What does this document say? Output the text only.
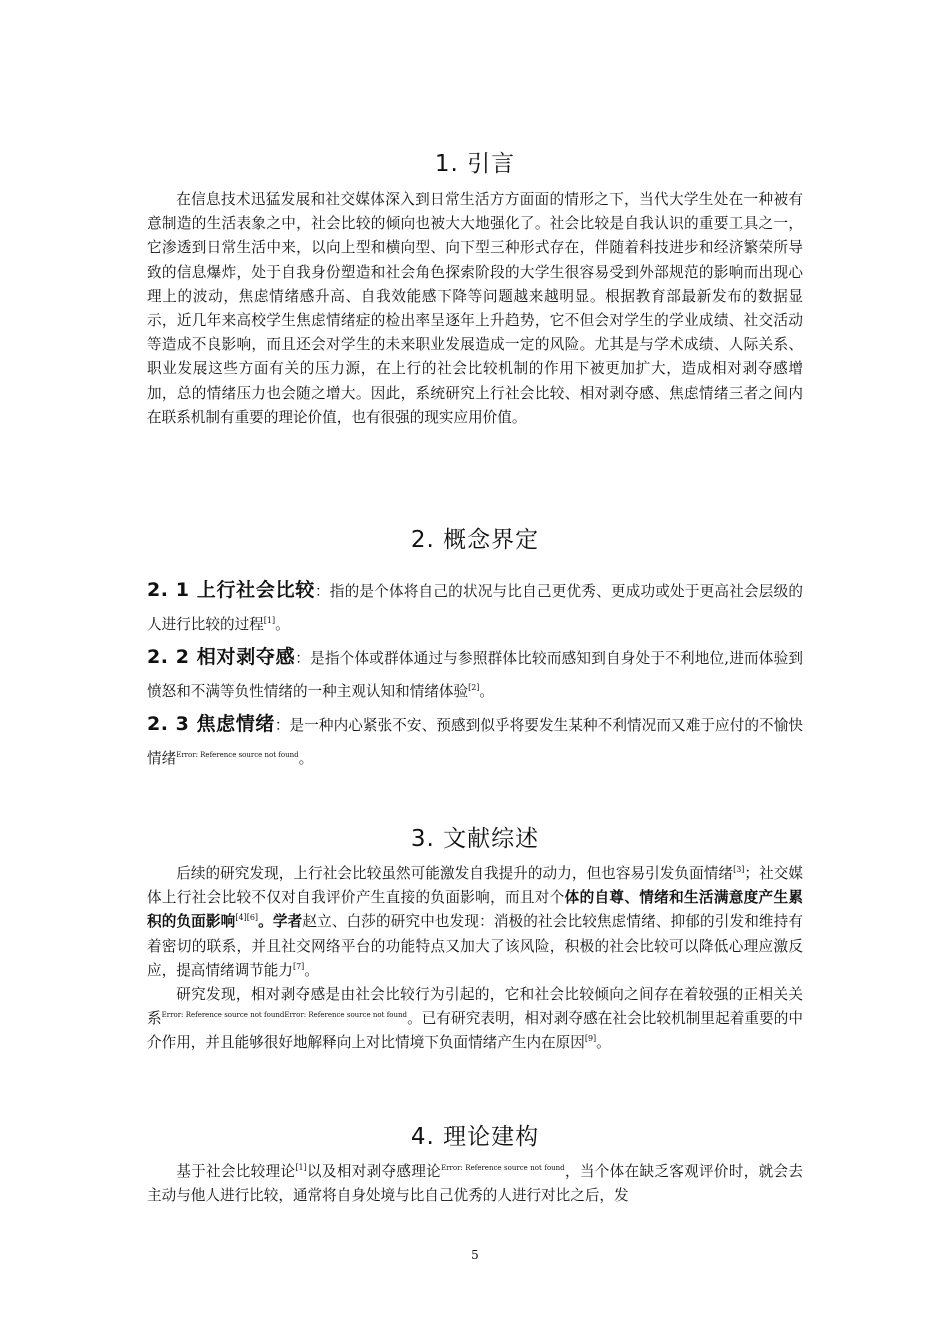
1. 引言

在信息技术迅猛发展和社交媒体深入到日常生活方方面面的情形之下，当代大学生处在一种被有意制造的生活表象之中，社会比较的倾向也被大大地强化了。社会比较是自我认识的重要工具之一，它渗透到日常生活中来，以向上型和横向型、向下型三种形式存在，伴随着科技进步和经济繁荣所导致的信息爆炸，处于自我身份塑造和社会角色探索阶段的大学生很容易受到外部规范的影响而出现心理上的波动，焦虑情绪感升高、自我效能感下降等问题越来越明显。根据教育部最新发布的数据显示，近几年来高校学生焦虑情绪症的检出率呈逐年上升趋势，它不但会对学生的学业成绩、社交活动等造成不良影响，而且还会对学生的未来职业发展造成一定的风险。尤其是与学术成绩、人际关系、职业发展这些方面有关的压力源，在上行的社会比较机制的作用下被更加扩大，造成相对剥夺感增加，总的情绪压力也会随之增大。因此，系统研究上行社会比较、相对剥夺感、焦虑情绪三者之间内在联系机制有重要的理论价值，也有很强的现实应用价值。

2. 概念界定

2. 1 上行社会比较：指的是个体将自己的状况与比自己更优秀、更成功或处于更高社会层级的人进行比较的过程[1]。

2. 2 相对剥夺感：是指个体或群体通过与参照群体比较而感知到自身处于不利地位,进而体验到愤怒和不满等负性情绪的一种主观认知和情绪体验[2]。

2. 3 焦虑情绪：是一种内心紧张不安、预感到似乎将要发生某种不利情况而又难于应付的不愉快情绪$^{Error: Reference source not found}$。

3. 文献综述

后续的研究发现，上行社会比较虽然可能激发自我提升的动力，但也容易引发负面情绪[3]；社交媒体上行社会比较不仅对自我评价产生直接的负面影响，而且对个体的自尊、情绪和生活满意度产生累积的负面影响[4][6]。学者赵立、白莎的研究中也发现：消极的社会比较焦虑情绪、抑郁的引发和维持有着密切的联系，并且社交网络平台的功能特点又加大了该风险，积极的社会比较可以降低心理应激反应，提高情绪调节能力[7]。

研究发现，相对剥夺感是由社会比较行为引起的，它和社会比较倾向之间存在着较强的正相关关系$^{Error: Reference source not foundError: Reference source not found}$。已有研究表明，相对剥夺感在社会比较机制里起着重要的中介作用，并且能够很好地解释向上对比情境下负面情绪产生内在原因[9]。

4. 理论建构

基于社会比较理论[1]以及相对剥夺感理论$^{Error: Reference source not found}$，当个体在缺乏客观评价时，就会去主动与他人进行比较，通常将自身处境与比自己优秀的人进行对比之后，发

5
